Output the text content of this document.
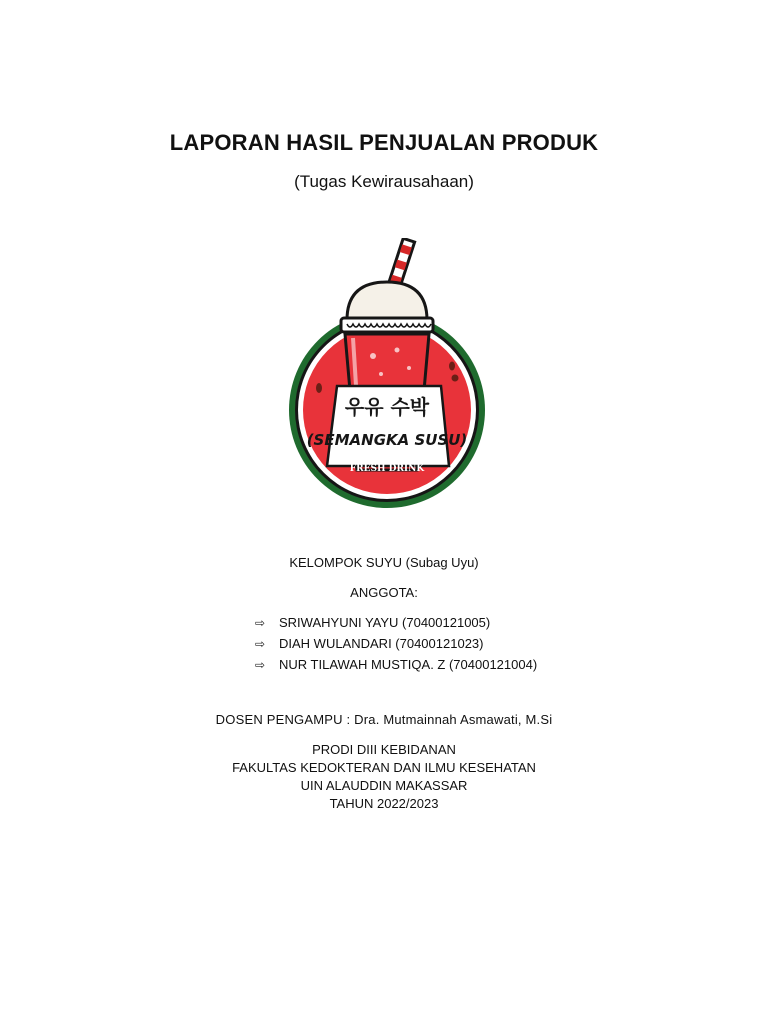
LAPORAN HASIL PENJUALAN PRODUK
(Tugas Kewirausahaan)
우유 수박
(SEMANGKA SUSU)
FRESH DRINK
KELOMPOK SUYU (Subag Uyu)
ANGGOTA:
⇨	SRIWAHYUNI YAYU (70400121005)
⇨	DIAH WULANDARI (70400121023)
⇨	NUR TILAWAH MUSTIQA. Z (70400121004)
DOSEN PENGAMPU : Dra. Mutmainnah Asmawati, M.Si
PRODI DIII KEBIDANAN
FAKULTAS KEDOKTERAN DAN ILMU KESEHATAN
UIN ALAUDDIN MAKASSAR
TAHUN 2022/2023
